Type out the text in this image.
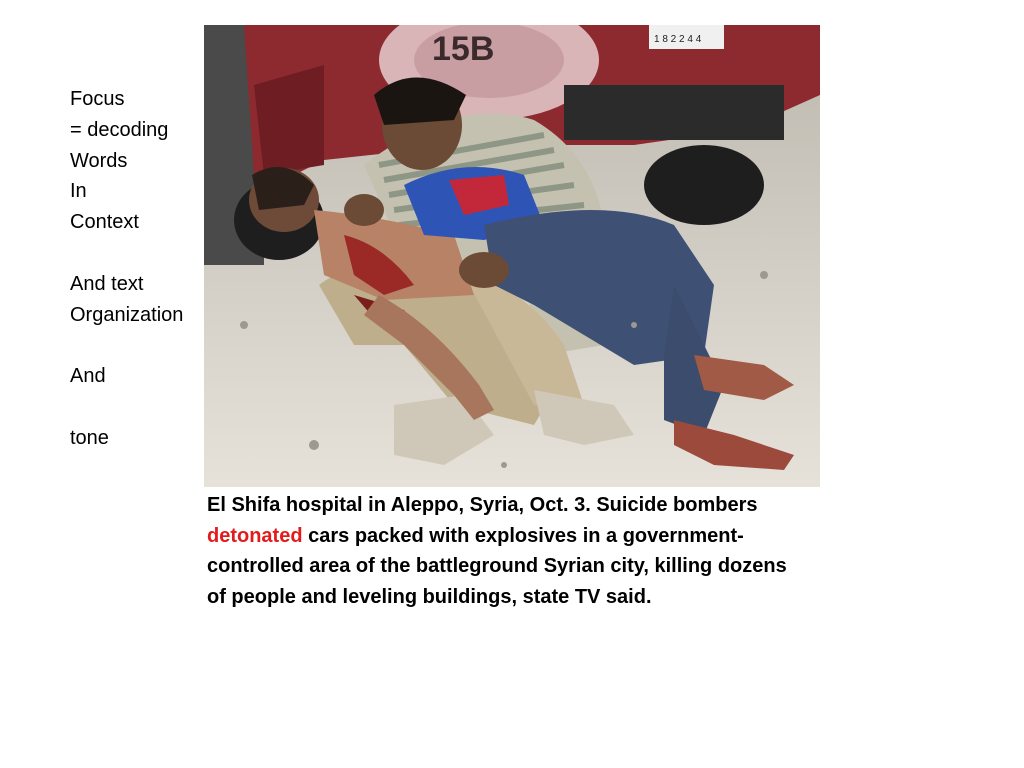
Focus
= decoding
Words
In
Context
And text
Organization
And
tone
15B	1 8 2 2 4 4
El Shifa hospital in Aleppo, Syria, Oct. 3. Suicide bombers detonated cars packed with explosives in a government-controlled area of the battleground Syrian city, killing dozens of people and leveling buildings, state TV said.
